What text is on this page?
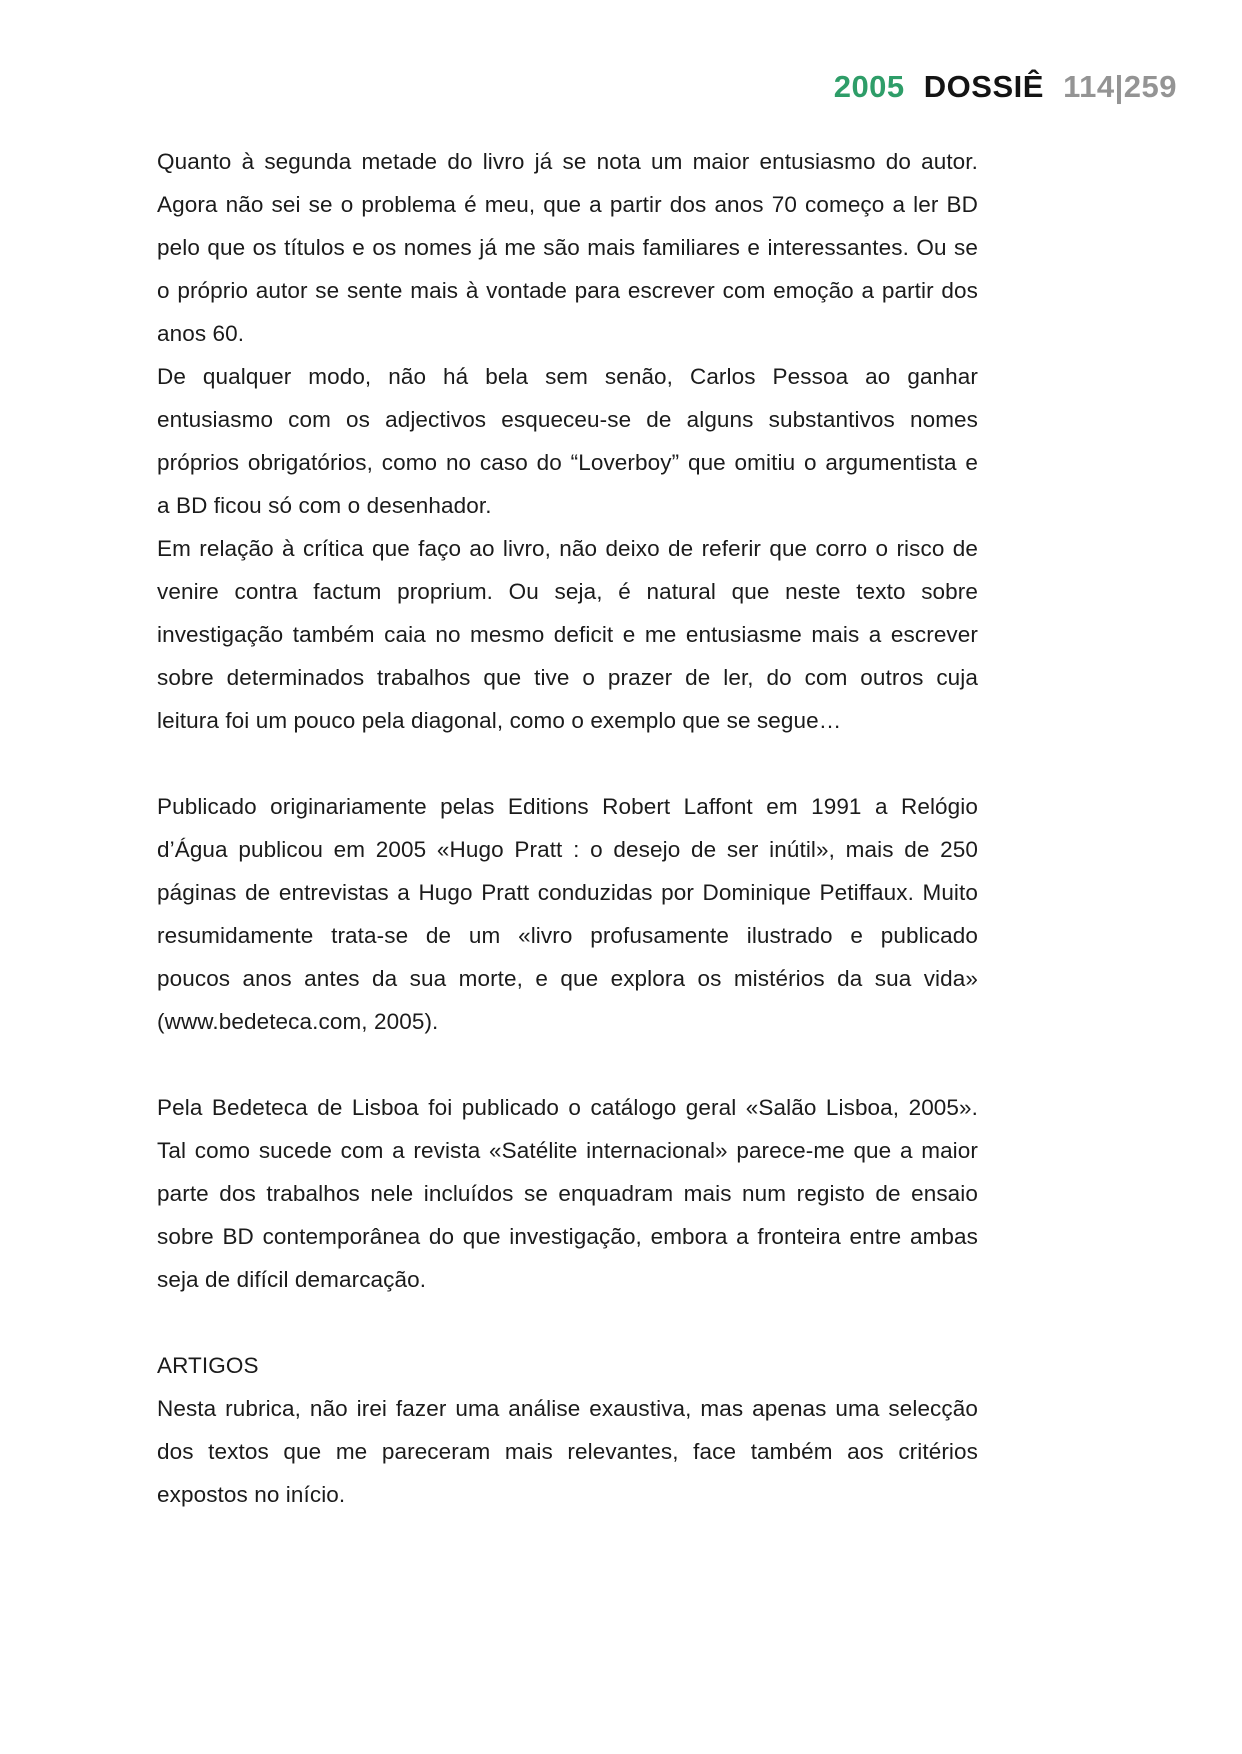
2005 DOSSIÊ 114|259
Quanto à segunda metade do livro já se nota um maior entusiasmo do autor.
Agora não sei se o problema é meu, que a partir dos anos 70 começo a ler BD
pelo que os títulos e os nomes já me são mais familiares e interessantes. Ou se
o próprio autor se sente mais à vontade para escrever com emoção a partir dos
anos 60.
De qualquer modo, não há bela sem senão, Carlos Pessoa ao ganhar
entusiasmo com os adjectivos esqueceu-se de alguns substantivos nomes
próprios obrigatórios, como no caso do “Loverboy” que omitiu o argumentista e
a BD ficou só com o desenhador.
Em relação à crítica que faço ao livro, não deixo de referir que corro o risco de
venire contra factum proprium. Ou seja, é natural que neste texto sobre
investigação também caia no mesmo deficit e me entusiasme mais a escrever
sobre determinados trabalhos que tive o prazer de ler, do com outros cuja
leitura foi um pouco pela diagonal, como o exemplo que se segue…
Publicado originariamente pelas Editions Robert Laffont em 1991 a Relógio
d’Água publicou em 2005 «Hugo Pratt : o desejo de ser inútil», mais de 250
páginas de entrevistas a Hugo Pratt conduzidas por Dominique Petiffaux. Muito
resumidamente trata-se de um «livro profusamente ilustrado e publicado
poucos anos antes da sua morte, e que explora os mistérios da sua vida»
(www.bedeteca.com, 2005).
Pela Bedeteca de Lisboa foi publicado o catálogo geral «Salão Lisboa, 2005».
Tal como sucede com a revista «Satélite internacional» parece-me que a maior
parte dos trabalhos nele incluídos se enquadram mais num registo de ensaio
sobre BD contemporânea do que investigação, embora a fronteira entre ambas
seja de difícil demarcação.
ARTIGOS
Nesta rubrica, não irei fazer uma análise exaustiva, mas apenas uma selecção
dos textos que me pareceram mais relevantes, face também aos critérios
expostos no início.
